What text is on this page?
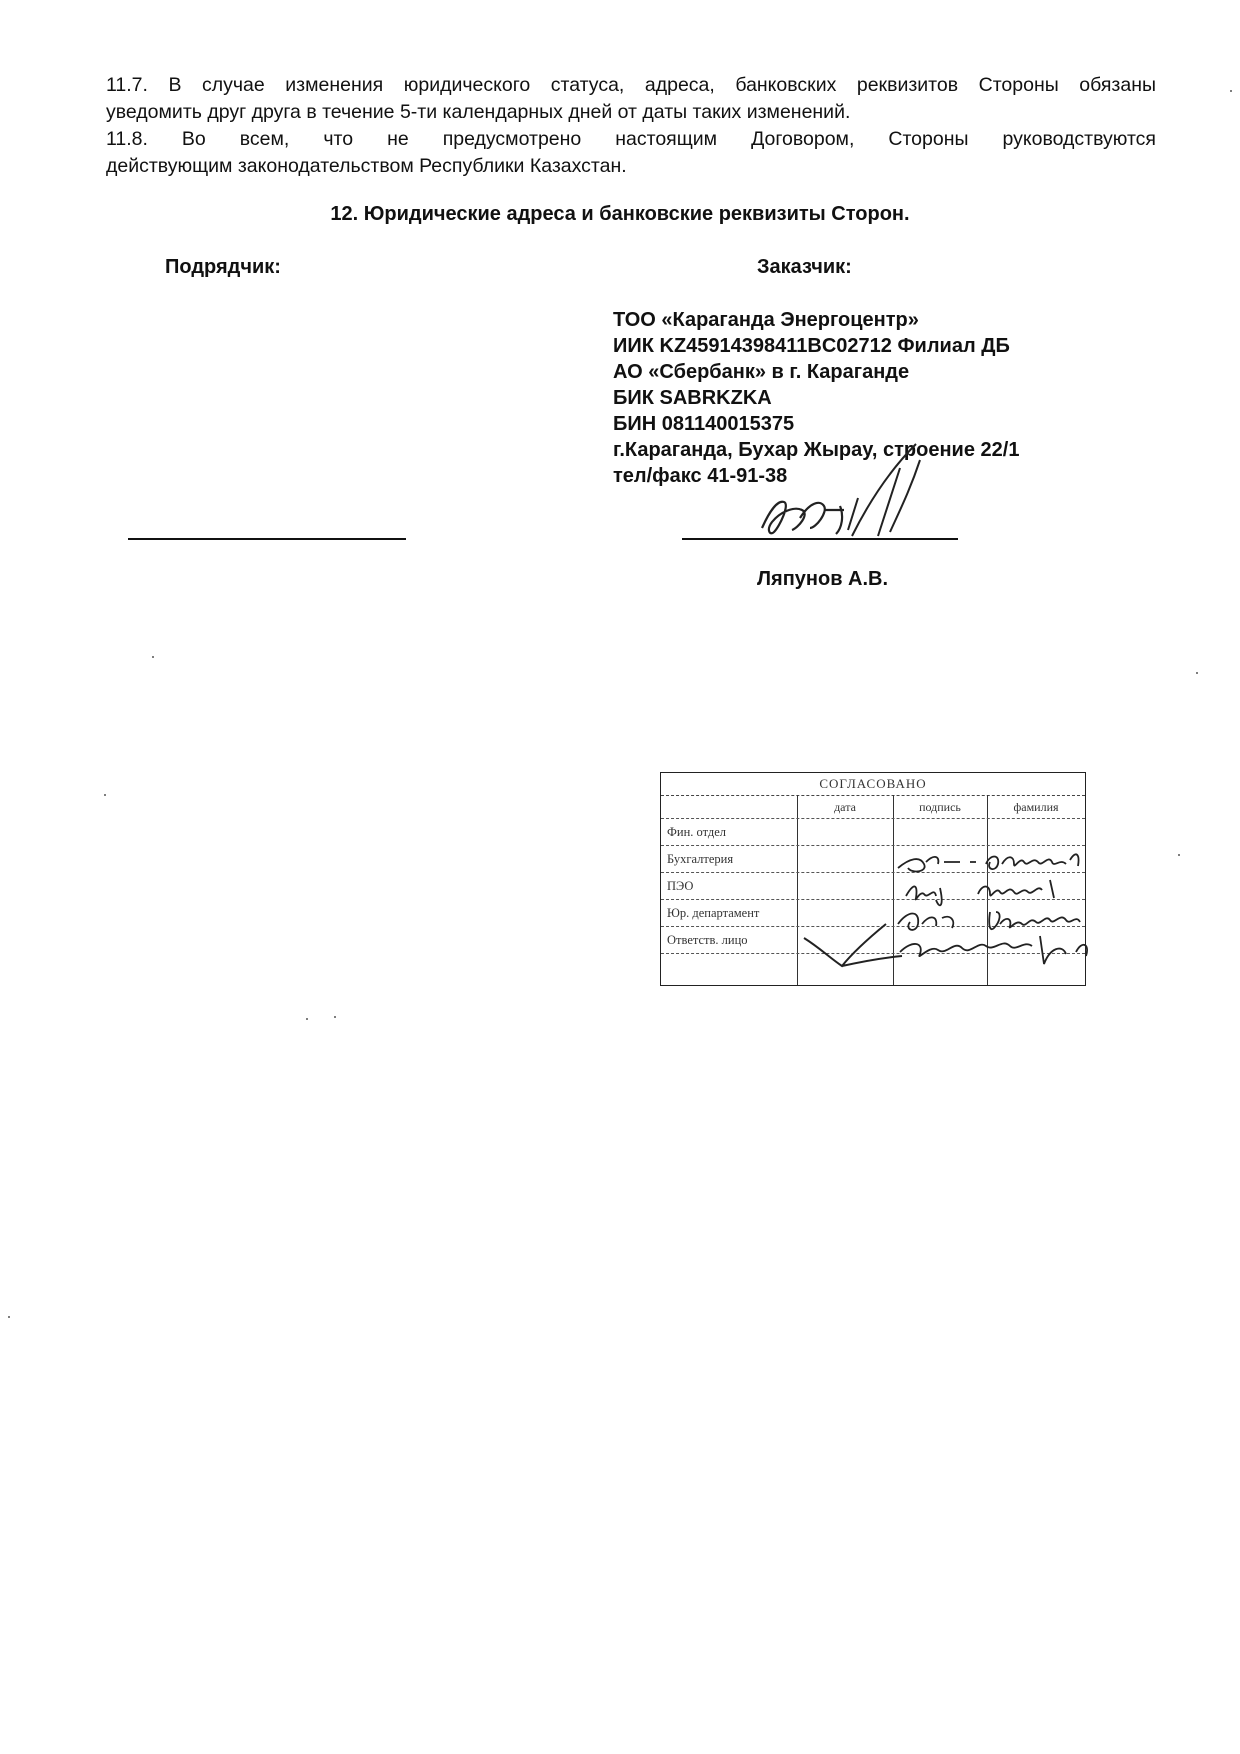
11.7. В случае изменения юридического статуса, адреса, банковских реквизитов Стороны обязаны
уведомить друг друга в течение 5-ти календарных дней от даты таких изменений.
11.8. Во всем, что не предусмотрено настоящим Договором, Стороны руководствуются
действующим законодательством Республики Казахстан.
12. Юридические адреса и банковские реквизиты Сторон.
Подрядчик:	Заказчик:
ТОО «Караганда Энергоцентр»
ИИК KZ45914398411BC02712 Филиал ДБ
АО «Сбербанк» в г. Караганде
БИК SABRKZKA
БИН 081140015375
г.Караганда, Бухар Жырау, строение 22/1
тел/факс 41-91-38
Ляпунов А.В.
СОГЛАСОВАНО
дата	подпись	фамилия
Фин. отдел
Бухгалтерия
ПЭО
Юр. департамент
Ответств. лицо
